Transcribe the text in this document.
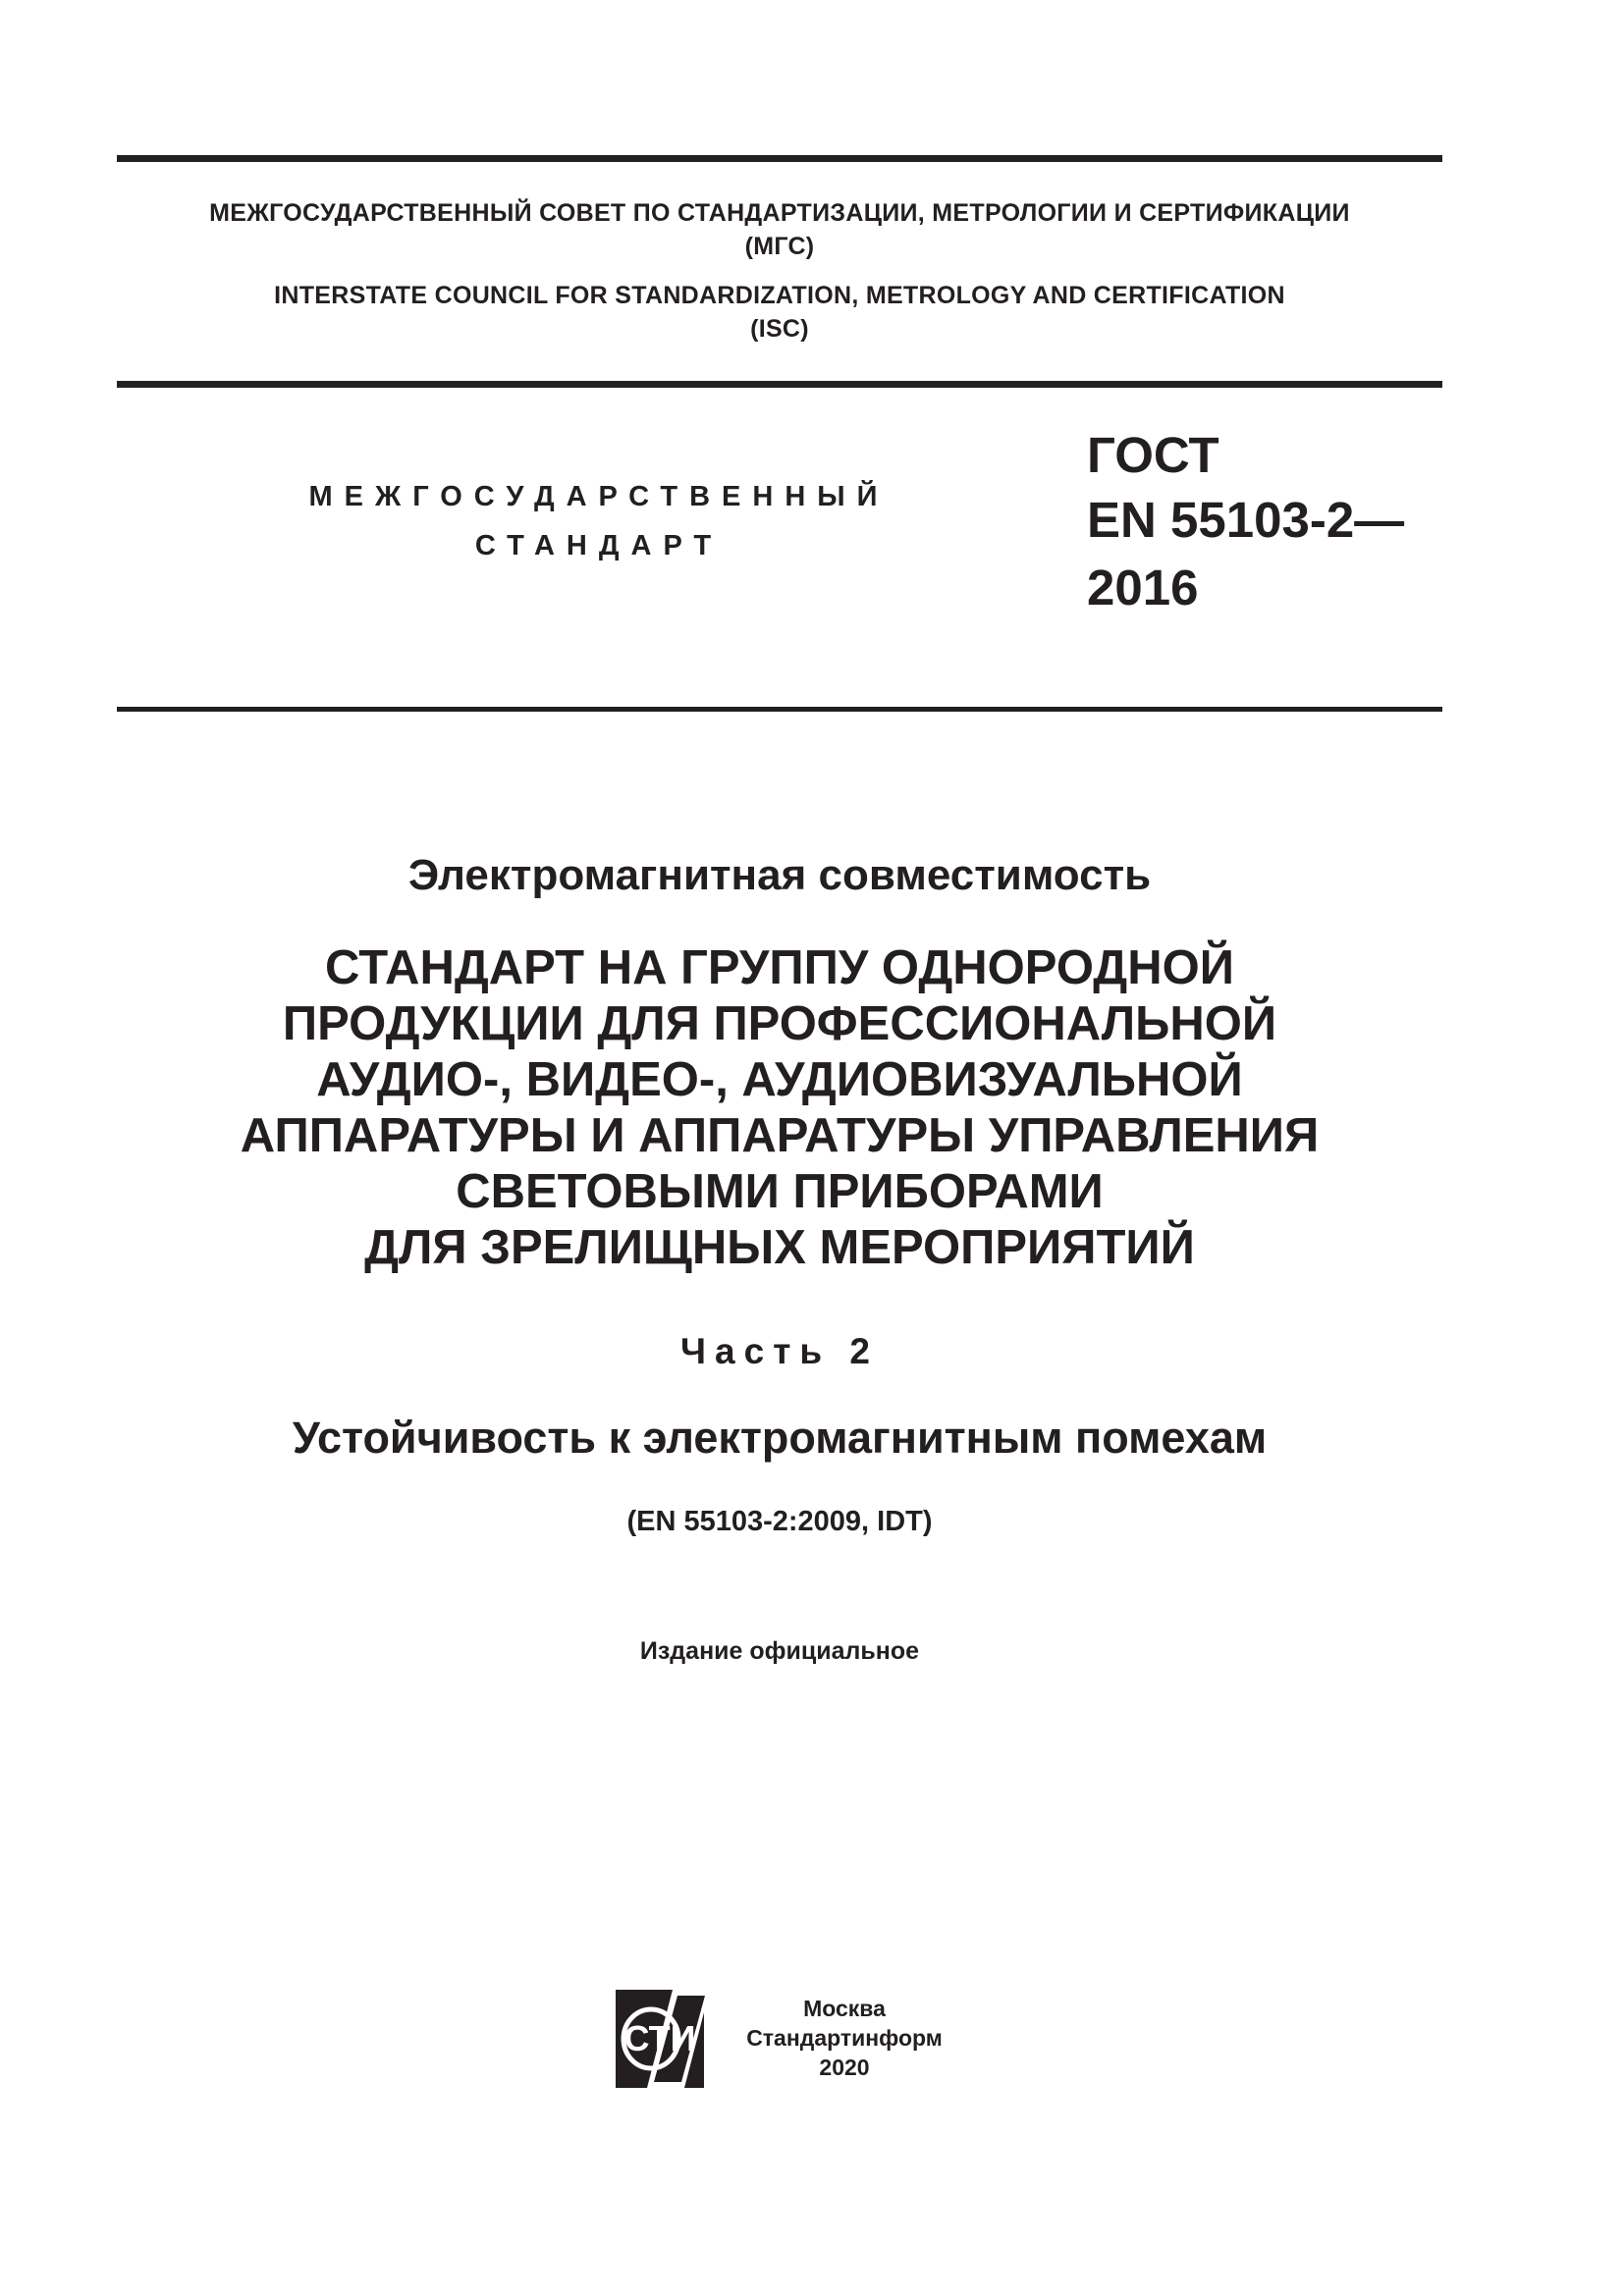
МЕЖГОСУДАРСТВЕННЫЙ СОВЕТ ПО СТАНДАРТИЗАЦИИ, МЕТРОЛОГИИ И СЕРТИФИКАЦИИ
(МГС)
INTERSTATE COUNCIL FOR STANDARDIZATION, METROLOGY AND CERTIFICATION
(ISC)
МЕЖГОСУДАРСТВЕННЫЙ
СТАНДАРТ
ГОСТ
EN 55103-2—
2016
Электромагнитная совместимость
СТАНДАРТ НА ГРУППУ ОДНОРОДНОЙ
ПРОДУКЦИИ ДЛЯ ПРОФЕССИОНАЛЬНОЙ
АУДИО-, ВИДЕО-, АУДИОВИЗУАЛЬНОЙ
АППАРАТУРЫ И АППАРАТУРЫ УПРАВЛЕНИЯ
СВЕТОВЫМИ ПРИБОРАМИ
ДЛЯ ЗРЕЛИЩНЫХ МЕРОПРИЯТИЙ
Часть 2
Устойчивость к электромагнитным помехам
(EN 55103-2:2009, IDT)
Издание официальное
СТИ
Москва
Стандартинформ
2020
